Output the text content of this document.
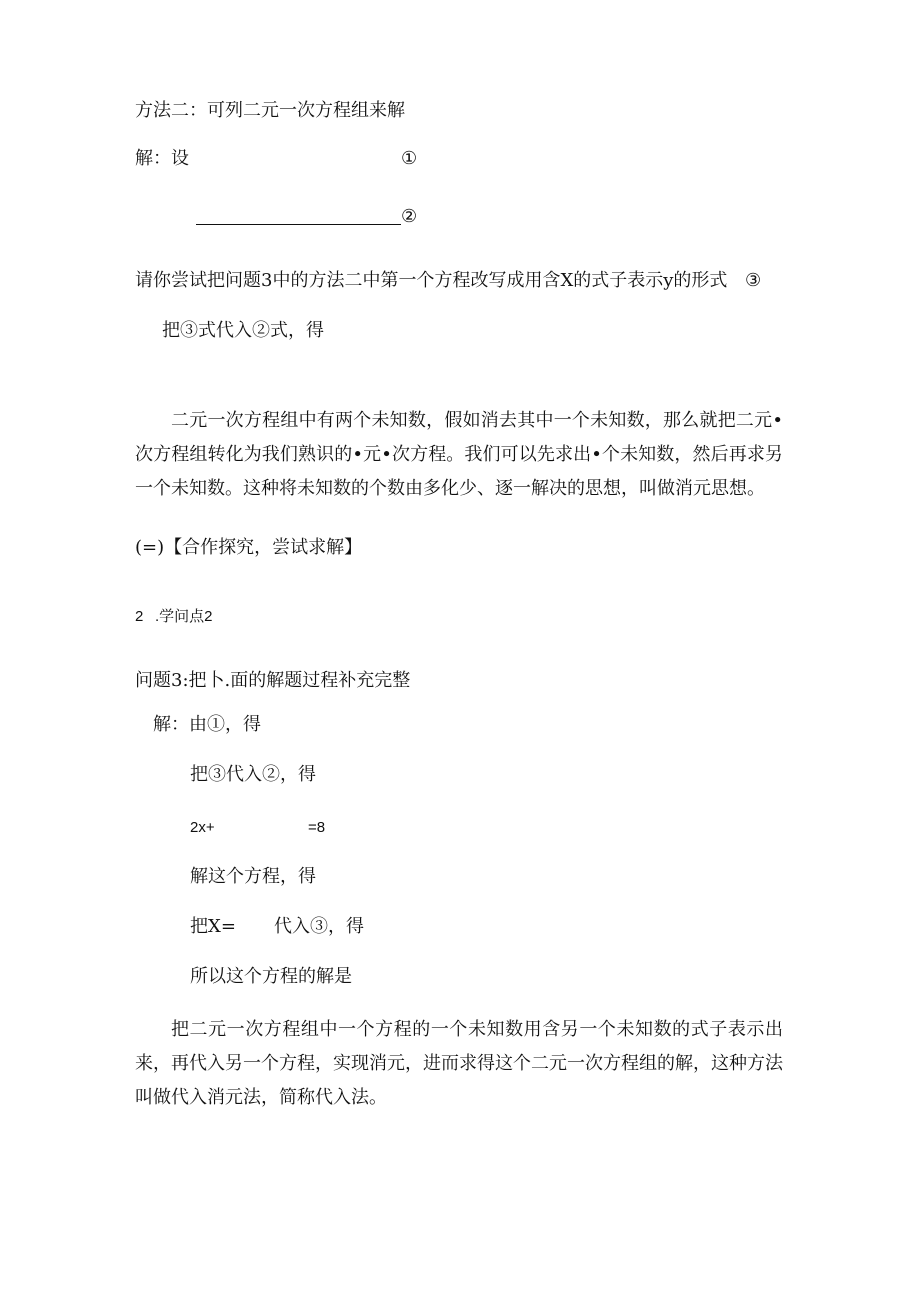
方法二：可列二元一次方程组来解
解：设	①
②
请你尝试把问题3中的方法二中第一个方程改写成用含X的式子表示y的形式 ③
把③式代入②式，得
二元一次方程组中有两个未知数，假如消去其中一个未知数，那么就把二元•次方程组转化为我们熟识的•元•次方程。我们可以先求出•个未知数，然后再求另一个未知数。这种将未知数的个数由多化少、逐一解决的思想，叫做消元思想。
(=)【合作探究，尝试求解】
2 .学问点2
问题3:把卜.面的解题过程补充完整
解：由①，得
把③代入②，得
2x+	=8
解这个方程，得
把X= 代入③，得
所以这个方程的解是
把二元一次方程组中一个方程的一个未知数用含另一个未知数的式子表示出来，再代入另一个方程，实现消元，进而求得这个二元一次方程组的解，这种方法叫做代入消元法，简称代入法。
